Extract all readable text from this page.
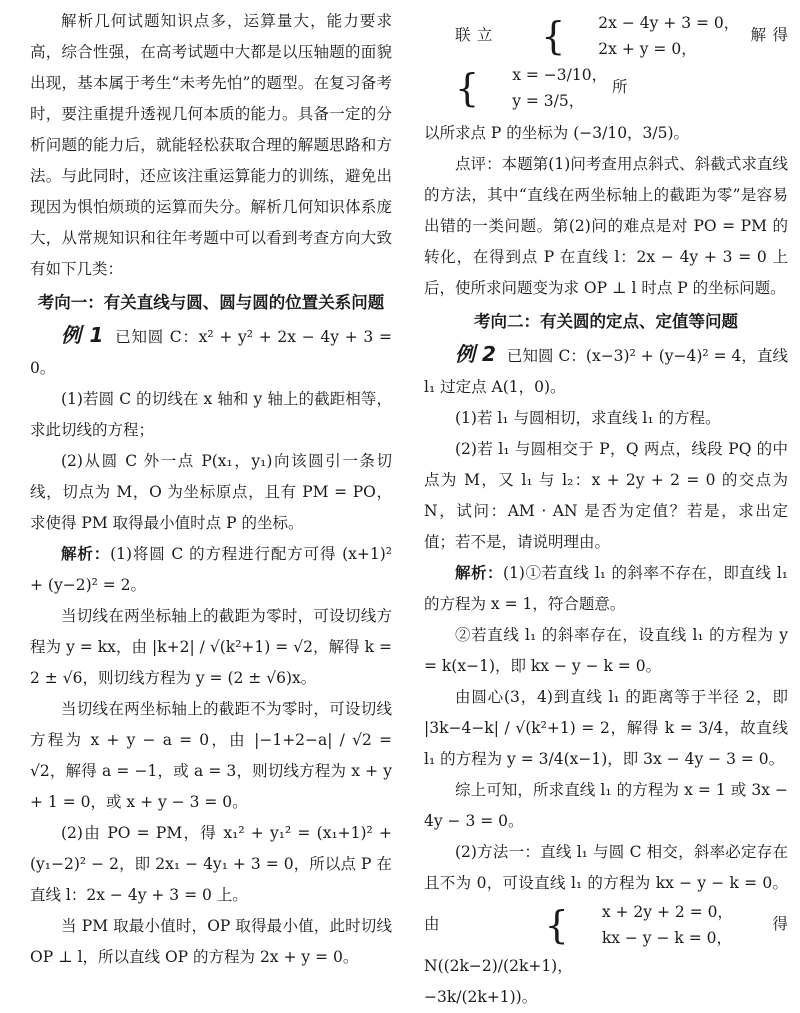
解析几何试题知识点多，运算量大，能力要求高，综合性强，在高考试题中大都是以压轴题的面貌出现，基本属于考生“未考先怕”的题型。在复习备考时，要注重提升透视几何本质的能力。具备一定的分析问题的能力后，就能轻松获取合理的解题思路和方法。与此同时，还应该注重运算能力的训练，避免出现因为惧怕烦琐的运算而失分。解析几何知识体系庞大，从常规知识和往年考题中可以看到考查方向大致有如下几类：

考向一：有关直线与圆、圆与圆的位置关系问题

例 1 已知圆 C：x² + y² + 2x − 4y + 3 = 0。

(1)若圆 C 的切线在 x 轴和 y 轴上的截距相等，求此切线的方程；

(2)从圆 C 外一点 P(x₁，y₁)向该圆引一条切线，切点为 M，O 为坐标原点，且有 PM = PO，求使得 PM 取得最小值时点 P 的坐标。

解析：(1)将圆 C 的方程进行配方可得 (x+1)² + (y−2)² = 2。

当切线在两坐标轴上的截距为零时，可设切线方程为 y = kx，由 |k+2| / √(k²+1) = √2，解得 k = 2 ± √6，则切线方程为 y = (2 ± √6)x。

当切线在两坐标轴上的截距不为零时，可设切线方程为 x + y − a = 0，由 |−1+2−a| / √2 = √2，解得 a = −1，或 a = 3，则切线方程为 x + y + 1 = 0，或 x + y − 3 = 0。

(2)由 PO = PM，得 x₁² + y₁² = (x₁+1)² + (y₁−2)² − 2，即 2x₁ − 4y₁ + 3 = 0，所以点 P 在直线 l：2x − 4y + 3 = 0 上。

当 PM 取最小值时，OP 取得最小值，此时切线 OP ⊥ l，所以直线 OP 的方程为 2x + y = 0。

联立	{	2x − 4y + 3 = 0，
2x + y = 0，
解得
{	x = −3/10，
y = 3/5，
所

以所求点 P 的坐标为 (−3/10，3/5)。

点评：本题第(1)问考查用点斜式、斜截式求直线的方法，其中“直线在两坐标轴上的截距为零”是容易出错的一类问题。第(2)问的难点是对 PO = PM 的转化，在得到点 P 在直线 l：2x − 4y + 3 = 0 上后，使所求问题变为求 OP ⊥ l 时点 P 的坐标问题。

考向二：有关圆的定点、定值等问题

例 2 已知圆 C：(x−3)² + (y−4)² = 4，直线 l₁ 过定点 A(1，0)。

(1)若 l₁ 与圆相切，求直线 l₁ 的方程。

(2)若 l₁ 与圆相交于 P，Q 两点，线段 PQ 的中点为 M，又 l₁ 与 l₂：x + 2y + 2 = 0 的交点为 N，试问：AM · AN 是否为定值？若是，求出定值；若不是，请说明理由。

解析：(1)①若直线 l₁ 的斜率不存在，即直线 l₁ 的方程为 x = 1，符合题意。

②若直线 l₁ 的斜率存在，设直线 l₁ 的方程为 y = k(x−1)，即 kx − y − k = 0。

由圆心(3，4)到直线 l₁ 的距离等于半径 2，即 |3k−4−k| / √(k²+1) = 2，解得 k = 3/4，故直线 l₁ 的方程为 y = 3/4(x−1)，即 3x − 4y − 3 = 0。

综上可知，所求直线 l₁ 的方程为 x = 1 或 3x − 4y − 3 = 0。

(2)方法一：直线 l₁ 与圆 C 相交，斜率必定存在且不为 0，可设直线 l₁ 的方程为 kx − y − k = 0。由	{	x + 2y + 2 = 0，
kx − y − k = 0，
得 N((2k−2)/(2k+1)，

−3k/(2k+1))。
